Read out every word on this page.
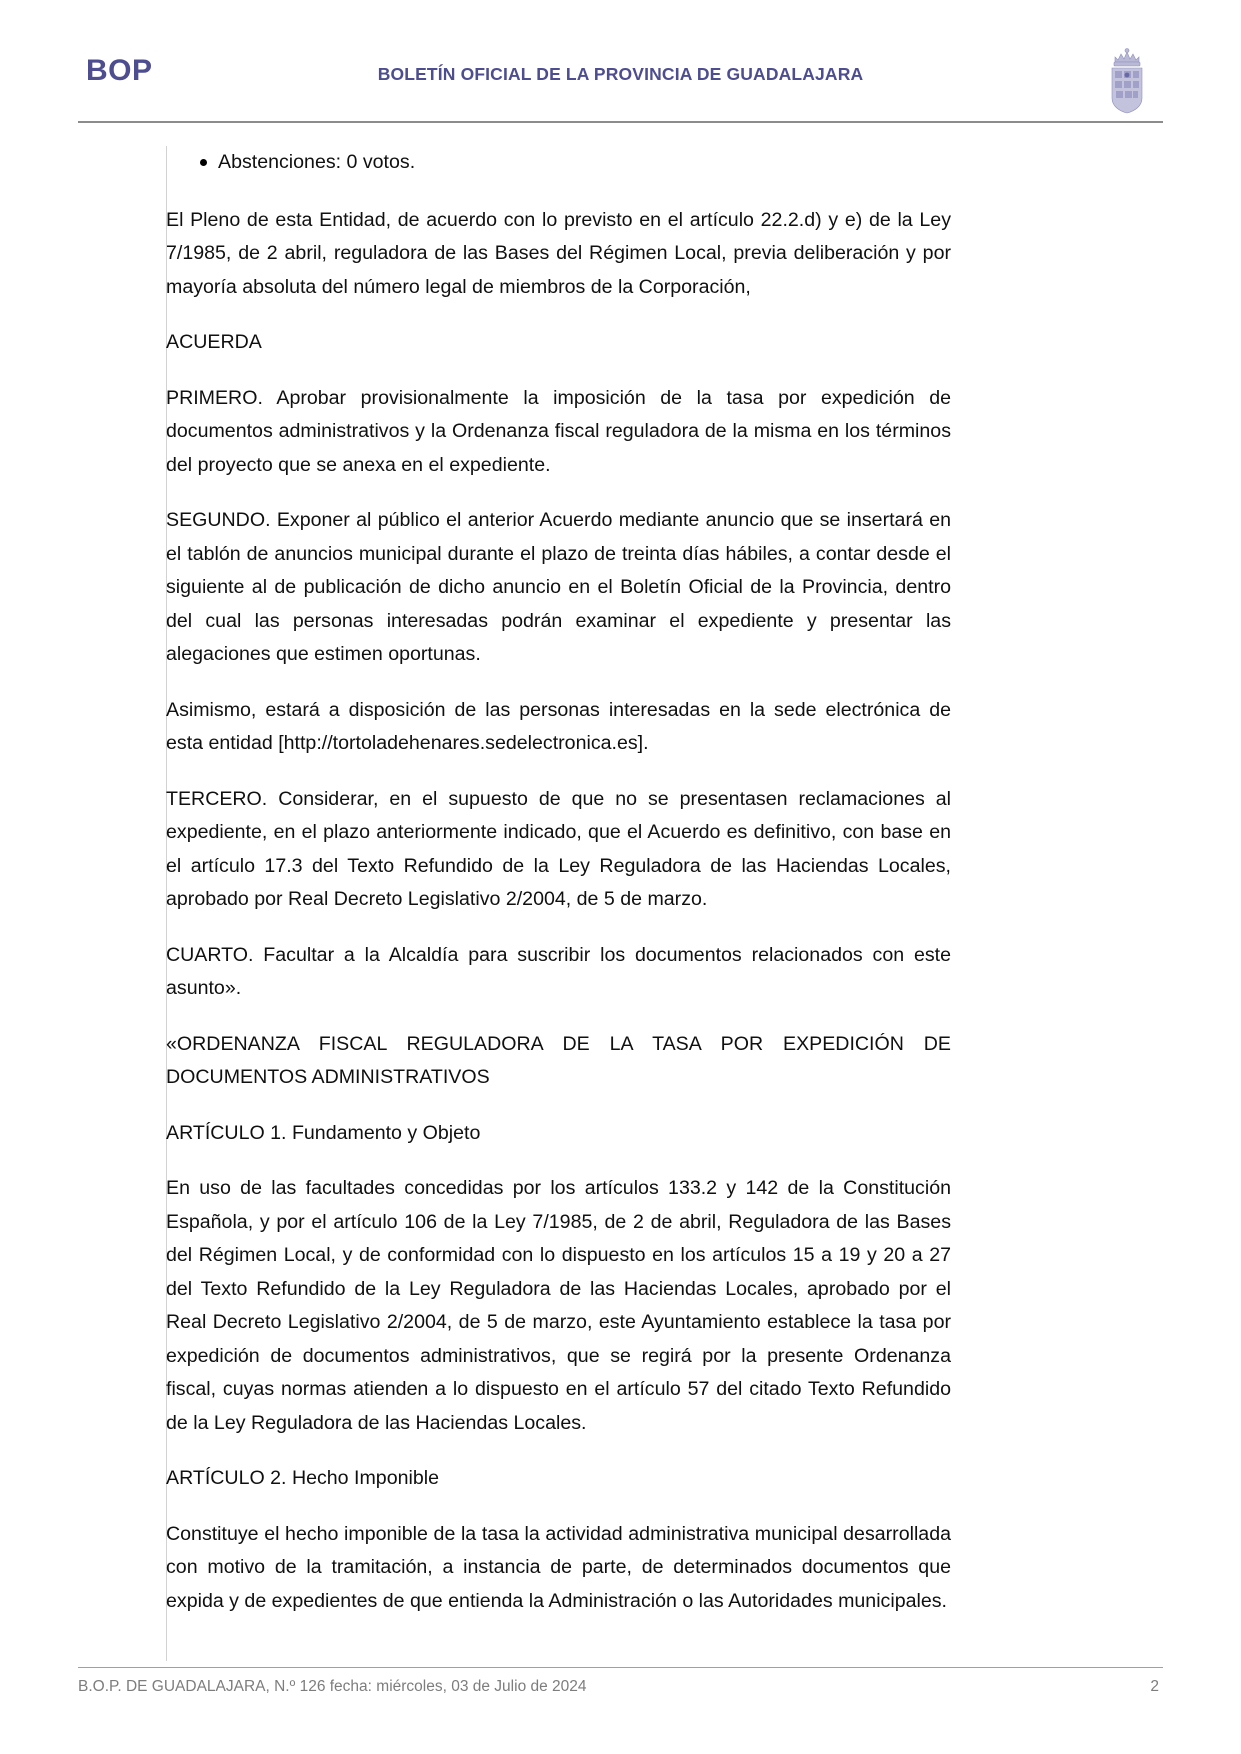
BOP	BOLETÍN OFICIAL DE LA PROVINCIA DE GUADALAJARA
Abstenciones: 0 votos.

El Pleno de esta Entidad, de acuerdo con lo previsto en el artículo 22.2.d) y e) de la Ley 7/1985, de 2 abril, reguladora de las Bases del Régimen Local, previa deliberación y por mayoría absoluta del número legal de miembros de la Corporación,

ACUERDA

PRIMERO. Aprobar provisionalmente la imposición de la tasa por expedición de documentos administrativos y la Ordenanza fiscal reguladora de la misma en los términos del proyecto que se anexa en el expediente.

SEGUNDO. Exponer al público el anterior Acuerdo mediante anuncio que se insertará en el tablón de anuncios municipal durante el plazo de treinta días hábiles, a contar desde el siguiente al de publicación de dicho anuncio en el Boletín Oficial de la Provincia, dentro del cual las personas interesadas podrán examinar el expediente y presentar las alegaciones que estimen oportunas.

Asimismo, estará a disposición de las personas interesadas en la sede electrónica de esta entidad [http://tortoladehenares.sedelectronica.es].

TERCERO. Considerar, en el supuesto de que no se presentasen reclamaciones al expediente, en el plazo anteriormente indicado, que el Acuerdo es definitivo, con base en el artículo 17.3 del Texto Refundido de la Ley Reguladora de las Haciendas Locales, aprobado por Real Decreto Legislativo 2/2004, de 5 de marzo.

CUARTO. Facultar a la Alcaldía para suscribir los documentos relacionados con este asunto».

«ORDENANZA FISCAL REGULADORA DE LA TASA POR EXPEDICIÓN DE DOCUMENTOS ADMINISTRATIVOS

ARTÍCULO 1. Fundamento y Objeto

En uso de las facultades concedidas por los artículos 133.2 y 142 de la Constitución Española, y por el artículo 106 de la Ley 7/1985, de 2 de abril, Reguladora de las Bases del Régimen Local, y de conformidad con lo dispuesto en los artículos 15 a 19 y 20 a 27 del Texto Refundido de la Ley Reguladora de las Haciendas Locales, aprobado por el Real Decreto Legislativo 2/2004, de 5 de marzo, este Ayuntamiento establece la tasa por expedición de documentos administrativos, que se regirá por la presente Ordenanza fiscal, cuyas normas atienden a lo dispuesto en el artículo 57 del citado Texto Refundido de la Ley Reguladora de las Haciendas Locales.

ARTÍCULO 2. Hecho Imponible

Constituye el hecho imponible de la tasa la actividad administrativa municipal desarrollada con motivo de la tramitación, a instancia de parte, de determinados documentos que expida y de expedientes de que entienda la Administración o las Autoridades municipales.

B.O.P. DE GUADALAJARA, N.º 126 fecha: miércoles, 03 de Julio de 2024	2
